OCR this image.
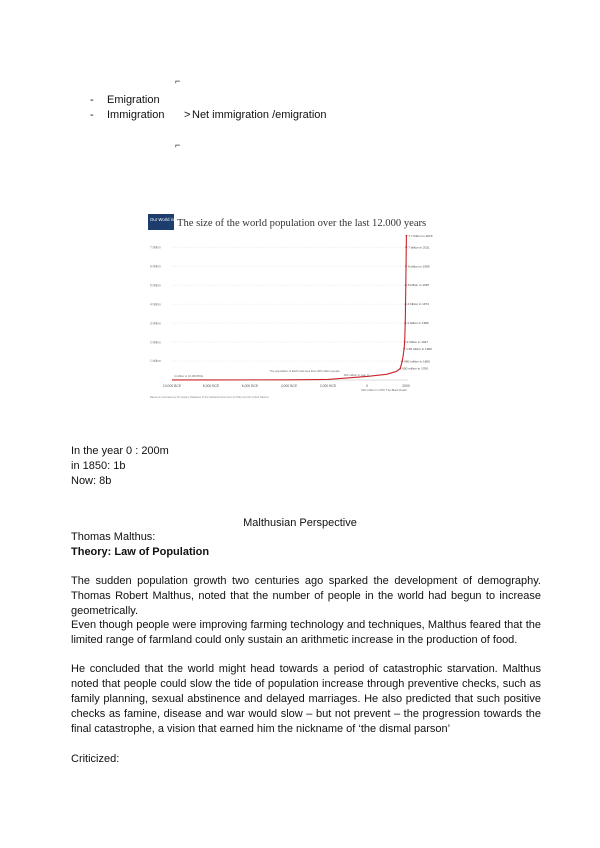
- Emigration
- Immigration
⌐
> Net immigration /emigration
⌐
Our World in Data
The size of the world population over the last 12.000 years
7 billion
6 billion
5 billion
4 billion
3 billion
2 billion
1 billion
10,000 BCE	8,000 BCE	6,000 BCE	4,000 BCE	2,000 BCE	0	2000
7.7 billion in 2018
7 billion in 2011
6 billion in 1999
5 billion in 1987
4 billion in 1974
3 billion in 1960
2 billion in 1927
1.65 billion in 1900
990 million in 1800
600 million in 1700
4 million in 10,000 BCE
The population of Earth was less than 200 million people
190 million in year 0
600 million in 1700: The Black Death
Based on estimates by the History Database of the Global Environment (HYDE) and the United Nations.
In the year 0 : 200m
in 1850: 1b
Now: 8b
Malthusian Perspective
Thomas Malthus:
Theory: Law of Population
The sudden population growth two centuries ago sparked the development of demography. Thomas Robert Malthus, noted that the number of people in the world had begun to increase geometrically.
Even though people were improving farming technology and techniques, Malthus feared that the limited range of farmland could only sustain an arithmetic increase in the production of food.
He concluded that the world might head towards a period of catastrophic starvation. Malthus noted that people could slow the tide of population increase through preventive checks, such as family planning, sexual abstinence and delayed marriages. He also predicted that such positive checks as famine, disease and war would slow – but not prevent – the progression towards the final catastrophe, a vision that earned him the nickname of ‘the dismal parson’
Criticized:
